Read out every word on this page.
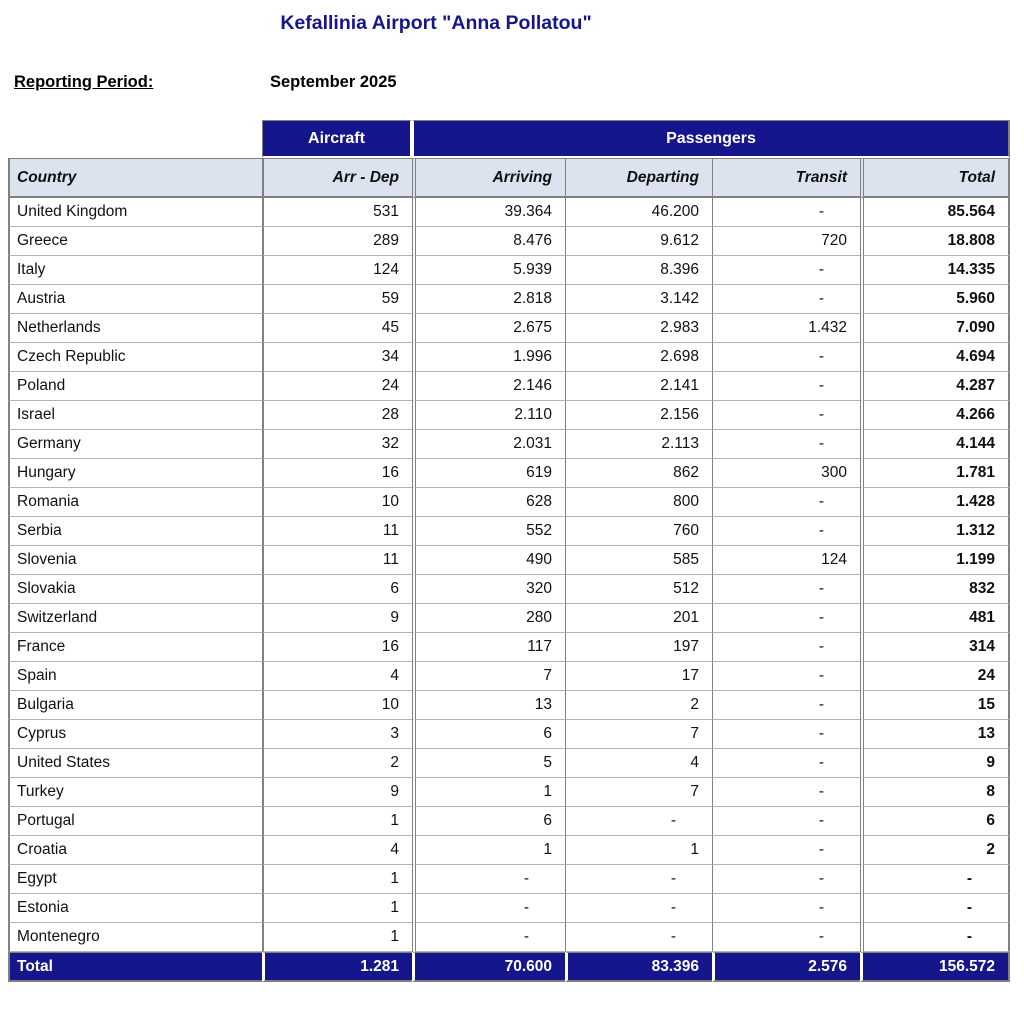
Kefallinia Airport "Anna Pollatou"
Reporting Period:	September 2025
	Aircraft	Passengers			
Country	Arr - Dep	Arriving	Departing	Transit	Total
United Kingdom	531	39.364	46.200	-	85.564
Greece	289	8.476	9.612	720	18.808
Italy	124	5.939	8.396	-	14.335
Austria	59	2.818	3.142	-	5.960
Netherlands	45	2.675	2.983	1.432	7.090
Czech Republic	34	1.996	2.698	-	4.694
Poland	24	2.146	2.141	-	4.287
Israel	28	2.110	2.156	-	4.266
Germany	32	2.031	2.113	-	4.144
Hungary	16	619	862	300	1.781
Romania	10	628	800	-	1.428
Serbia	11	552	760	-	1.312
Slovenia	11	490	585	124	1.199
Slovakia	6	320	512	-	832
Switzerland	9	280	201	-	481
France	16	117	197	-	314
Spain	4	7	17	-	24
Bulgaria	10	13	2	-	15
Cyprus	3	6	7	-	13
United States	2	5	4	-	9
Turkey	9	1	7	-	8
Portugal	1	6	-	-	6
Croatia	4	1	1	-	2
Egypt	1	-	-	-	-
Estonia	1	-	-	-	-
Montenegro	1	-	-	-	-
Total	1.281	70.600	83.396	2.576	156.572
